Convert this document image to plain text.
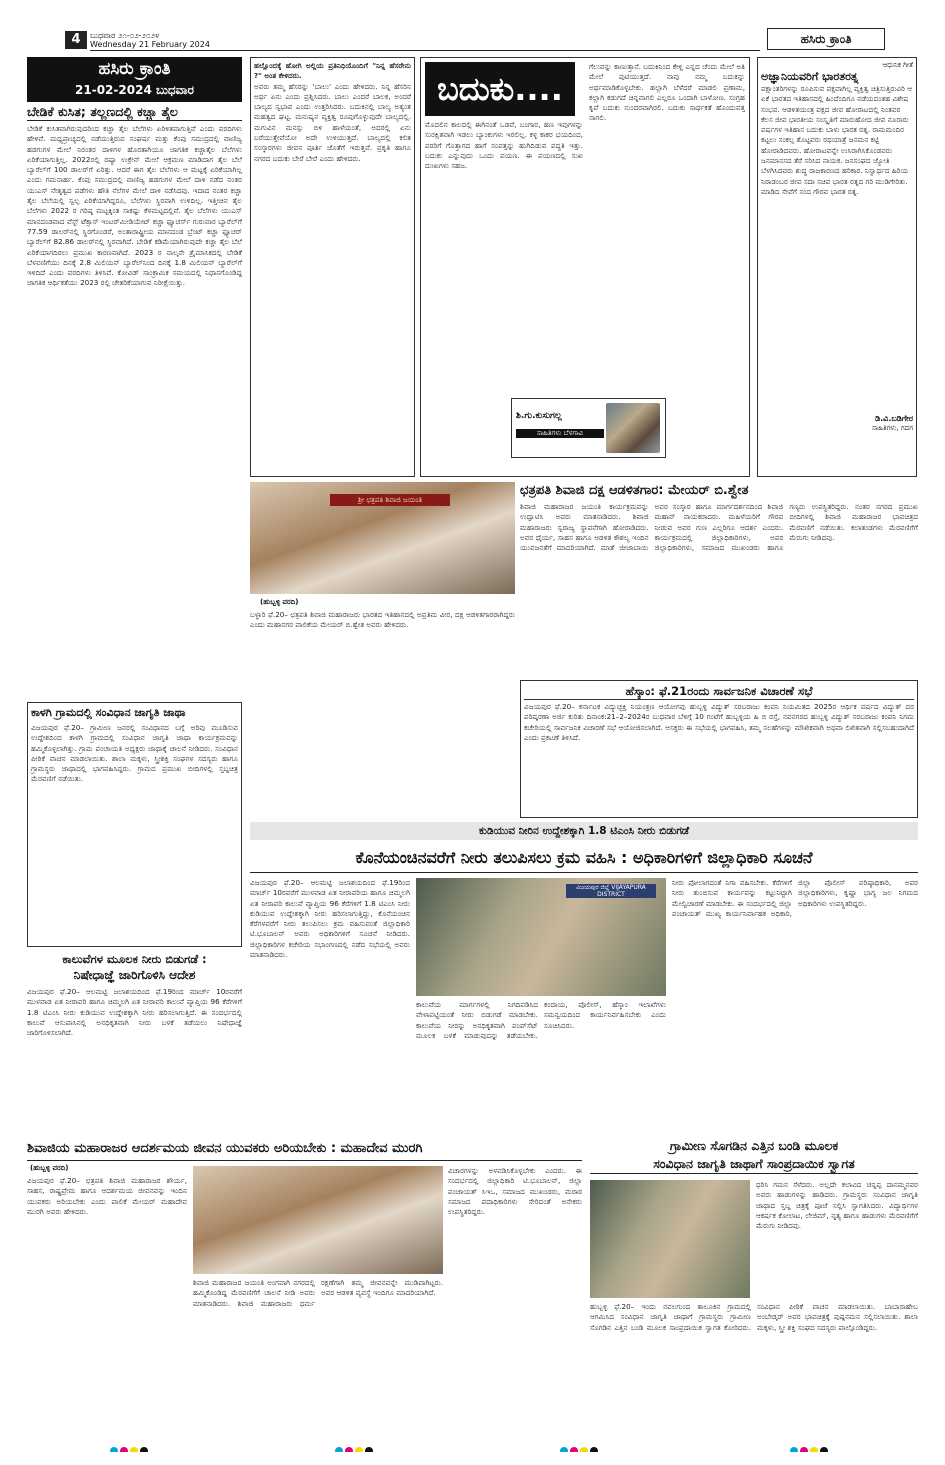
4	ಬುಧವಾರ ೨೧-೦೨-೨೦೨೪
Wednesday 21 February 2024	ಹಸಿರು ಕ್ರಾಂತಿ
ಹಸಿರು ಕ್ರಾಂತಿ
21-02-2024 ಬುಧವಾರ
ಬೇಡಿಕೆ ಕುಸಿತ; ತಲ್ಲಣದಲ್ಲಿ ಕಚ್ಚಾ ತೈಲ
ಬೇಡಿಕೆ ಕುಸಿತವಾಗಿರುವುದರಿಂದ ಕಚ್ಚಾ ತೈಲ ಬೆಲೆಗಳು ಏರಿಳಿತವಾಗುತ್ತಿವೆ ಎಂದು ವರದಿಗಳು ಹೇಳಿವೆ. ಮಧ್ಯಪ್ರಾಚ್ಯದಲ್ಲಿ ನಡೆಯುತ್ತಿರುವ ಸಂಘರ್ಷ ಮತ್ತು ಕೆಂಪು ಸಮುದ್ರದಲ್ಲಿ ವಾಣಿಜ್ಯ ಹಡಗುಗಳ ಮೇಲೆ ನಿರಂತರ ದಾಳಿಗಳ ಹೊರತಾಗಿಯೂ ಜಾಗತಿಕ ಕಚ್ಚಾತೈಲ ಬೆಲೆಗಳು ಏರಿಕೆಯಾಗುತ್ತಿಲ್ಲ. 2022ರಲ್ಲಿ ರಷ್ಯಾ ಉಕ್ರೇನ್ ಮೇಲೆ ಆಕ್ರಮಣ ಮಾಡಿದಾಗ ತೈಲ ಬೆಲೆ ಬ್ಯಾರೆಲ್‌ಗೆ 100 ಡಾಲರ್‌ಗೆ ಏರಿತ್ತು. ಆದರೆ ಈಗ ತೈಲ ಬೆಲೆಗಳು ಆ ಮಟ್ಟಕ್ಕೆ ಏರಿಕೆಯಾಗಿಲ್ಲ ಎಂದು ಗಮನಾರ್ಹ. ಕೆಂಪು ಸಮುದ್ರದಲ್ಲಿ ವಾಣಿಜ್ಯ ಹಡಗುಗಳ ಮೇಲೆ ದಾಳಿ ನಡೆದ ನಂತರ ಯುಎಸ್ ನೇತೃತ್ವದ ಪಡೆಗಳು ಹೌತಿ ನೆಲೆಗಳ ಮೇಲೆ ದಾಳಿ ನಡೆಸಿದವು. ಇದಾದ ನಂತರ ಕಚ್ಚಾ ತೈಲ ಬೆಲೆಯಲ್ಲಿ ಸ್ವಲ್ಪ ಏರಿಕೆಯಾಗಿದ್ದರೂ, ಬೆಲೆಗಳು ಸ್ಥಿರವಾಗಿ ಉಳಿದಿಲ್ಲ. ಇತ್ತೀಚಿನ ತೈಲ ಬೆಲೆಗಳು 2022 ರ ಗರಿಷ್ಠ ಮಟ್ಟಕ್ಕಿಂತ ಸಾಕಷ್ಟು ಕೆಳಮಟ್ಟದಲ್ಲಿವೆ. ತೈಲ ಬೆಲೆಗಳು ಯುಎಸ್ ಮಾನದಂಡವಾದ ವೆಸ್ಟ್ ಟೆಕ್ಸಾಸ್ ಇಂಟರ್‌ಮೀಡಿಯೇಟ್ ಕಚ್ಚಾ ಫ್ಯೂಚರ್ಸ್ ಗುರುವಾರ ಬ್ಯಾರೆಲ್‌ಗೆ 77.59 ಡಾಲರ್‌ನಲ್ಲಿ ಸ್ಥಿರಗೊಂಡರೆ, ಅಂತಾರಾಷ್ಟ್ರೀಯ ಮಾನದಂಡ ಬ್ರೆಂಟ್ ಕಚ್ಚಾ ಫ್ಯೂಚರ್ ಬ್ಯಾರೆಲ್‌ಗೆ 82.86 ಡಾಲರ್‌ನಲ್ಲಿ ಸ್ಥಿರವಾಗಿದೆ. ಬೇಡಿಕೆ ಕಡಿಮೆಯಾಗಿರುವುದೇ ಕಚ್ಚಾ ತೈಲ ಬೆಲೆ ಏರಿಕೆಯಾಗದಿರಲು ಪ್ರಮುಖ ಕಾರಣವಾಗಿದೆ. 2023 ರ ನಾಲ್ಕನೇ ತ್ರೈಮಾಸಿಕದಲ್ಲಿ ಬೇಡಿಕೆ ಬೆಳವಣಿಗೆಯು ದಿನಕ್ಕೆ 2.8 ಮಿಲಿಯನ್ ಬ್ಯಾರೆಲ್‌ನಿಂದ ದಿನಕ್ಕೆ 1.8 ಮಿಲಿಯನ್ ಬ್ಯಾರೆಲ್‌ಗೆ ಇಳಿದಿದೆ ಎಂದು ವರದಿಗಳು ತಿಳಿಸಿವೆ. ಕೋವಿಡ್ ಸಾಂಕ್ರಾಮಿಕ ಸಮಯದಲ್ಲಿ ನಿಧಾನಗೊಂಡಿದ್ದ ಜಾಗತಿಕ ಆರ್ಥಿಕತೆಯು 2023 ರಲ್ಲಿ ಚೇತರಿಕೆಯಾಗುವ ನಿರೀಕ್ಷೆಯಿತ್ತು.
ಕಾಳಗಿ ಗ್ರಾಮದಲ್ಲಿ ಸಂವಿಧಾನ ಜಾಗೃತಿ ಜಾಥಾ
ವಿಜಯಪುರ ಫೆ.20– ಗ್ರಾಮೀಣ ಜನರಲ್ಲಿ ಸಂವಿಧಾನದ ಬಗ್ಗೆ ಅರಿವು ಮೂಡಿಸುವ ಉದ್ದೇಶದಿಂದ ಕಾಳಗಿ ಗ್ರಾಮದಲ್ಲಿ ಸಂವಿಧಾನ ಜಾಗೃತಿ ಜಾಥಾ ಕಾರ್ಯಕ್ರಮವನ್ನು ಹಮ್ಮಿಕೊಳ್ಳಲಾಗಿತ್ತು. ಗ್ರಾಮ ಪಂಚಾಯತಿ ಅಧ್ಯಕ್ಷರು ಜಾಥಾಕ್ಕೆ ಚಾಲನೆ ನೀಡಿದರು. ಸಂವಿಧಾನ ಪೀಠಿಕೆ ವಾಚನ ಮಾಡಲಾಯಿತು. ಶಾಲಾ ಮಕ್ಕಳು, ಸ್ತ್ರೀಶಕ್ತಿ ಸಂಘಗಳ ಸದಸ್ಯರು ಹಾಗೂ ಗ್ರಾಮಸ್ಥರು ಜಾಥಾದಲ್ಲಿ ಭಾಗವಹಿಸಿದ್ದರು. ಗ್ರಾಮದ ಪ್ರಮುಖ ಬೀದಿಗಳಲ್ಲಿ ಸ್ತಬ್ದಚಿತ್ರ ಮೆರವಣಿಗೆ ನಡೆಯಿತು.
ಕಾಲುವೆಗಳ ಮೂಲಕ ನೀರು ಬಿಡುಗಡೆ :
ನಿಷೇಧಾಜ್ಞೆ ಜಾರಿಗೊಳಿಸಿ ಆದೇಶ
ವಿಜಯಪುರ ಫೆ.20– ಆಲಮಟ್ಟಿ ಜಲಾಶಯದಿಂದ ಫೆ.19ರಿಂದ ಮಾರ್ಚ್ 10ರವರೆಗೆ ಮುಳವಾಡ ಏತ ನೀರಾವರಿ ಹಾಗೂ ಚಿಮ್ಮಲಗಿ ಏತ ನೀರಾವರಿ ಕಾಲುವೆ ವ್ಯಾಪ್ತಿಯ 96 ಕೆರೆಗಳಿಗೆ 1.8 ಟಿಎಂಸಿ ನೀರು ಕುಡಿಯುವ ಉದ್ದೇಶಕ್ಕಾಗಿ ನೀರು ಹರಿಸಲಾಗುತ್ತಿದೆ. ಈ ಸಂದರ್ಭದಲ್ಲಿ ಕಾಲುವೆ ಆಸುಪಾಸಿನಲ್ಲಿ ಅನಧಿಕೃತವಾಗಿ ನೀರು ಬಳಕೆ ತಡೆಯಲು ನಿಷೇಧಾಜ್ಞೆ ಜಾರಿಗೊಳಿಸಲಾಗಿದೆ.
ಹಲ್ಲೊಂದಕ್ಕೆ ಹೋಗಿ ಅಲ್ಲಿಯ ಪ್ರತಿನಿಧಿಯೊಂದಿಗೆ "ನಿನ್ನ ಹೆಸರೇನು ?" ಅಂತ ಕೇಳಿದರು.
ಅವರು ತಮ್ಮ ಹೆಸರನ್ನು 'ಬಾಲು' ಎಂದು ಹೇಳಿದರು. ನಿನ್ನ ಹೆಸರಿನ ಅರ್ಥ ಏನು ಎಂದು ಪ್ರಶ್ನಿಸಿದರು. ಬಾಲು ಎಂದರೆ ಬಾಲಕ, ಅಂದರೆ ಬಾಲ್ಯದ ಸ್ವಭಾವ ಎಂದು ಉತ್ತರಿಸಿದರು. ಬದುಕಿನಲ್ಲಿ ಬಾಲ್ಯ ಅತ್ಯಂತ ಮಹತ್ವದ ಘಟ್ಟ. ಮನುಷ್ಯನ ವ್ಯಕ್ತಿತ್ವ ರೂಪುಗೊಳ್ಳುವುದೇ ಬಾಲ್ಯದಲ್ಲಿ. ಮಗುವಿನ ಮನಸ್ಸು ಬಿಳಿ ಹಾಳೆಯಂತೆ, ಅದರಲ್ಲಿ ಏನು ಬರೆಯುತ್ತೇವೆಯೋ ಅದೇ ಉಳಿಯುತ್ತದೆ. ಬಾಲ್ಯದಲ್ಲಿ ಕಲಿತ ಸಂಸ್ಕಾರಗಳು ಜೀವನ ಪೂರ್ತಿ ಜೊತೆಗೆ ಇರುತ್ತವೆ. ಪ್ರಕೃತಿ ಹಾಗೂ ನಗರದ ಬದುಕು ಬೇರೆ ಬೇರೆ ಎಂದು ಹೇಳಿದರು.
ಬದುಕು....
ಮೊದಲಿನ ಕಾಲದಲ್ಲಿ ಈಗಿನಂತೆ ಒಡವೆ, ಬಂಗಾರ, ಹಣ ಇವುಗಳನ್ನು ಸುರಕ್ಷಿತವಾಗಿ ಇಡಲು ಬ್ಯಾಂಕುಗಳು ಇರಲಿಲ್ಲ. ಕಳ್ಳ ಕಾಕರ ಭಯದಿಂದ, ಪರರಿಗೆ ಗೊತ್ತಾಗದ ಹಾಗೆ ಸಂಪತ್ತನ್ನು ಹುಗಿದಿಡುವ ಪದ್ಧತಿ ಇತ್ತು. ಬದುಕು ಎನ್ನುವುದು ಒಂದು ಪಯಣ. ಈ ಪಯಣದಲ್ಲಿ ಸುಖ ದುಃಖಗಳು ಸಹಜ.
ಗೆಲುವನ್ನು ಕಾಣುತ್ತಾನೆ. ಬದುಕಿನಿಂದ ಕೇಳ್ಲಿ ಎನ್ನದ ಚೆಂದು ಮೇಲೆ ಅತಿ ಮೇಲೆ ಪುಟಿಯುತ್ತದೆ. ನಾವು ನಮ್ಮ ಬದುಕನ್ನು ಅರ್ಥಮಾಡಿಕೊಳ್ಳಬೇಕು. ಹಲ್ಲಾಗಿ ಬೆಳೆದರೆ ಮಾಡಲಿ ಪ್ರಣಾಮ, ಕಲ್ಲಾಗಿ ಕಡುಗದೆ ಚಿನ್ನವಾಗಲಿ ಎಲ್ಲರೂ ಒಂದಾಗಿ ಬಾಳೋಣ. ಸಂಗ್ರಹ ಕೃಪೆ ಬದುಕು ಸುಂದರವಾಗಿರಲಿ. ಬದುಕು ಸಾರ್ಥಕತೆ ಹೊಂದುವತ್ತ ಸಾಗಲಿ.
ಶಿ.ಗು.ಕುಸುಗಲ್ಲ
ಸಾಹಿತಿಗಳು ಬೆಳಗಾವಿ
ಆಧುನಿಕ ಗೀತೆ
ಅಜ್ಞಾನಿಯವರಿಗೆ ಭಾರತರತ್ನ
ಪಕ್ಷಾಂತರಿಗಳನ್ನು ರೂಪಿಸುವ ಪಕ್ಷವಾಗಿಲ್ಲ ವ್ಯಕ್ತಿತ್ವ ಚಿತ್ರಿಸುತ್ತಿರುವಿರಿ ಆ ಏಕೆ ಭಾರತದ ಇತಿಹಾಸದಲ್ಲಿ ಹಿಂದೆಂದಿಗೂ ನಡೆಯದಂತಹ ವಿಶೇಷ ಸಂಭವ. ಆಡಳಿತಯಂತ್ರ ಪಕ್ಷದ ಜೀವ ಹೋರಾಟದಲ್ಲಿ ನಿಂತವರ ಕೆಲಸ ಜೀವ ಭಾರತೀಯ ಸಂಸ್ಕೃತಿಗೆ ಮಾರುಹೋದ ಜೀವ ನೂರಾರು ವರ್ಷಗಳ ಇತಿಹಾಸ ಬದುಕು ಬಾಳು ಭಾರತ ರತ್ನ. ರಾಮಮಂದಿರ ಕಟ್ಟಲು ಸಂಕಲ್ಪ ತೊಟ್ಟವರು ರಥಯಾತ್ರೆ ಜನಮನ ಕಟ್ಟಿ ಹೋರಾಡಿದವರು. ಹೋರಾಟವನ್ನೇ ಉಸಿರಾಗಿಸಿಕೊಂಡವರು ಜನಮಾನಸದ ತೆರೆ ಸರಿಸಿದ ನಾಯಕ. ಜನಸಂಘದ ಜ್ಯೋತಿ ಬೆಳಗಿಸಿದವರು ಶುದ್ಧ ರಾಜಕಾರಣದ ಹರಿಕಾರ. ನಿಸ್ವಾರ್ಥದ ಹಿರಿಯ ನಿರಾಡಂಬರ ಜೀವ ಸದಾ ಸಚಿವ ಭಾರತ ರತ್ನದ ಗರಿ ಮುಡಿಗೇರಿತು. ಮಾಡಿದ ಸೇವೆಗೆ ಸಂದ ಗೌರವ ಭಾರತ ರತ್ನ.
ಡಿ.ವಿ.ಬಡಿಗೇರ
ಸಾಹಿತಿಗಳು, ಗದಗ
ಛತ್ರಪತಿ ಶಿವಾಜಿ ದಕ್ಷ ಆಡಳಿತಗಾರ: ಮೇಯರ್ ಬಿ.ಶ್ವೇತ
ಶ್ರೀ ಛತ್ರಪತಿ ಶಿವಾಜಿ ಜಯಂತಿ
(ಹುಬ್ಬಳ್ಳಿ ವರದಿ)
ಬಳ್ಳಾರಿ ಫೆ.20– ಛತ್ರಪತಿ ಶಿವಾಜಿ ಮಹಾರಾಜರು ಭಾರತದ ಇತಿಹಾಸದಲ್ಲಿ ಅಪ್ರತಿಮ ವೀರ, ದಕ್ಷ ಆಡಳಿತಗಾರರಾಗಿದ್ದರು ಎಂದು ಮಹಾನಗರ ಪಾಲಿಕೆಯ ಮೇಯರ್ ಬಿ.ಶ್ವೇತ ಅವರು ಹೇಳಿದರು.
ಶಿವಾಜಿ ಮಹಾರಾಜರ ಜಯಂತಿ ಕಾರ್ಯಕ್ರಮವನ್ನು ಉದ್ಘಾಟಿಸಿ ಅವರು ಮಾತನಾಡಿದರು. ಶಿವಾಜಿ ಮಹಾರಾಜರು ಸ್ವರಾಜ್ಯ ಸ್ಥಾಪನೆಗಾಗಿ ಹೋರಾಡಿದರು. ಅವರ ಧೈರ್ಯ, ಸಾಹಸ ಹಾಗೂ ಆಡಳಿತ ಕೌಶಲ್ಯ ಇಂದಿನ ಯುವಜನತೆಗೆ ಮಾದರಿಯಾಗಿದೆ. ಮಾತೆ ಜೀಜಾಬಾಯಿ ಅವರ ಸಂಸ್ಕಾರ ಹಾಗೂ ಮಾರ್ಗದರ್ಶನದಿಂದ ಶಿವಾಜಿ ಮಹಾನ್ ನಾಯಕರಾದರು. ಮಹಿಳೆಯರಿಗೆ ಗೌರವ ನೀಡುವ ಅವರ ಗುಣ ಎಲ್ಲರಿಗೂ ಆದರ್ಶ ಎಂದರು. ಕಾರ್ಯಕ್ರಮದಲ್ಲಿ ಜಿಲ್ಲಾಧಿಕಾರಿಗಳು, ಅಪರ ಜಿಲ್ಲಾಧಿಕಾರಿಗಳು, ಸಮಾಜದ ಮುಖಂಡರು ಹಾಗೂ ಗಣ್ಯರು ಉಪಸ್ಥಿತರಿದ್ದರು. ನಂತರ ನಗರದ ಪ್ರಮುಖ ಬೀದಿಗಳಲ್ಲಿ ಶಿವಾಜಿ ಮಹಾರಾಜರ ಭಾವಚಿತ್ರದ ಮೆರವಣಿಗೆ ನಡೆಯಿತು. ಕಲಾತಂಡಗಳು ಮೆರವಣಿಗೆಗೆ ಮೆರುಗು ನೀಡಿದವು.
ಹೆಸ್ಕಾಂ: ಫೆ.21ರಂದು ಸಾರ್ವಜನಿಕ ವಿಚಾರಣೆ ಸಭೆ
ವಿಜಯಪುರ ಫೆ.20– ಕರ್ನಾಟಕ ವಿದ್ಯುಚ್ಛಕ್ತಿ ನಿಯಂತ್ರಣ ಆಯೋಗವು ಹುಬ್ಬಳ್ಳಿ ವಿದ್ಯುತ್ ಸರಬರಾಜು ಕಂಪನಿ ನಿಯಮಿತದ 2025ರ ಆರ್ಥಿಕ ವರ್ಷದ ವಿದ್ಯುತ್ ದರ ಪರಿಷ್ಕರಣಾ ಅರ್ಜಿ ಕುರಿತು ದಿನಾಂಕ:21–2–2024ರ ಬುಧವಾರ ಬೆಳಿಗ್ಗೆ 10 ಗಂಟೆಗೆ ಹುಬ್ಬಳ್ಳಿಯ ಹಿ ಬಿ ರಸ್ತೆ, ನವನಗರದ ಹುಬ್ಬಳ್ಳಿ ವಿದ್ಯುತ್ ಸರಬರಾಜು ಕಂಪನಿ ನಿಗಮ ಕಚೇರಿಯಲ್ಲಿ ಸಾರ್ವಜನಿಕ ವಿಚಾರಣೆ ಸಭೆ ಆಯೋಜಿಸಲಾಗಿದೆ. ಆಸಕ್ತರು ಈ ಸಭೆಯಲ್ಲಿ ಭಾಗವಹಿಸಿ, ತಮ್ಮ ಸಲಹೆಗಳನ್ನು ಮೌಖಿಕವಾಗಿ ಅಥವಾ ಲಿಖಿತವಾಗಿ ಸಲ್ಲಿಸಬಹುದಾಗಿದೆ ಎಂದು ಪ್ರಕಟಣೆ ತಿಳಿಸಿದೆ.
ಕುಡಿಯುವ ನೀರಿನ ಉದ್ದೇಶಕ್ಕಾಗಿ 1.8 ಟಿಎಂಸಿ ನೀರು ಬಿಡುಗಡೆ
ಕೊನೆಯಂಚಿನವರೆಗೆ ನೀರು ತಲುಪಿಸಲು ಕ್ರಮ ವಹಿಸಿ : ಅಧಿಕಾರಿಗಳಿಗೆ ಜಿಲ್ಲಾಧಿಕಾರಿ ಸೂಚನೆ
ವಿಜಯಪುರ ಫೆ.20– ಆಲಮಟ್ಟಿ ಜಲಾಶಯದಿಂದ ಫೆ.19ರಿಂದ ಮಾರ್ಚ್ 10ರವರೆಗೆ ಮುಳವಾಡ ಏತ ನೀರಾವರಿಯ ಹಾಗೂ ಚಿಮ್ಮಲಗಿ ಏತ ನೀರಾವರಿ ಕಾಲುವೆ ವ್ಯಾಪ್ತಿಯ 96 ಕೆರೆಗಳಿಗೆ 1.8 ಟಿಎಂಸಿ ನೀರು ಕುಡಿಯುವ ಉದ್ದೇಶಕ್ಕಾಗಿ ನೀರು ಹರಿಸಲಾಗುತ್ತಿದ್ದು, ಕೊನೆಯಂಚಿನ ಕೆರೆಗಳವರೆಗೆ ನೀರು ತಲುಪಿಸಲು ಕ್ರಮ ವಹಿಸುವಂತೆ ಜಿಲ್ಲಾಧಿಕಾರಿ ಟಿ.ಭೂಬಾಲನ್ ಅವರು ಅಧಿಕಾರಿಗಳಿಗೆ ಸೂಚನೆ ನೀಡಿದರು. ಜಿಲ್ಲಾಧಿಕಾರಿಗಳ ಕಚೇರಿಯ ಸಭಾಂಗಣದಲ್ಲಿ ನಡೆದ ಸಭೆಯಲ್ಲಿ ಅವರು ಮಾತನಾಡಿದರು.
ವಿಜಯಪುರ ಜಿಲ್ಲೆ VIJAYAPURA DISTRICT
ಕಾಲುವೆಯ ಮಾರ್ಗಗಳಲ್ಲಿ ನಿಗದಿಪಡಿಸಿದ ವೇಳಾಪಟ್ಟಿಯಂತೆ ನೀರು ಬಿಡುಗಡೆ ಮಾಡಬೇಕು. ಕಾಲುವೆಯ ನೀರನ್ನು ಅನಧಿಕೃತವಾಗಿ ಪಂಪ್‌ಸೆಟ್ ಮೂಲಕ ಬಳಕೆ ಮಾಡುವುದನ್ನು ತಡೆಯಬೇಕು. ಕಂದಾಯ, ಪೊಲೀಸ್, ಹೆಸ್ಕಾಂ ಇಲಾಖೆಗಳು ಸಮನ್ವಯದಿಂದ ಕಾರ್ಯನಿರ್ವಹಿಸಬೇಕು ಎಂದು ಸೂಚಿಸಿದರು.
ನೀರು ಪೋಲಾಗದಂತೆ ನಿಗಾ ವಹಿಸಬೇಕು. ಕೆರೆಗಳಿಗೆ ನೀರು ತುಂಬಿಸುವ ಕಾರ್ಯವನ್ನು ಕಟ್ಟುನಿಟ್ಟಾಗಿ ಮೇಲ್ವಿಚಾರಣೆ ಮಾಡಬೇಕು. ಈ ಸಂದರ್ಭದಲ್ಲಿ ಜಿಲ್ಲಾ ಪಂಚಾಯತ್ ಮುಖ್ಯ ಕಾರ್ಯನಿರ್ವಾಹಕ ಅಧಿಕಾರಿ, ಜಿಲ್ಲಾ ಪೊಲೀಸ್ ವರಿಷ್ಠಾಧಿಕಾರಿ, ಅಪರ ಜಿಲ್ಲಾಧಿಕಾರಿಗಳು, ಕೃಷ್ಣಾ ಭಾಗ್ಯ ಜಲ ನಿಗಮದ ಅಧಿಕಾರಿಗಳು ಉಪಸ್ಥಿತರಿದ್ದರು.
ಶಿವಾಜಿಯ ಮಹಾರಾಜರ ಆದರ್ಶಮಯ ಜೀವನ ಯುವಕರು ಅರಿಯಬೇಕು : ಮಹಾದೇವ ಮುರಗಿ
(ಹುಬ್ಬಳ್ಳಿ ವರದಿ)
ವಿಜಯಪುರ ಫೆ.20– ಛತ್ರಪತಿ ಶಿವಾಜಿ ಮಹಾರಾಜರ ಶೌರ್ಯ, ಸಾಹಸ, ರಾಷ್ಟ್ರಪ್ರೇಮ ಹಾಗೂ ಆದರ್ಶಮಯ ಜೀವನವನ್ನು ಇಂದಿನ ಯುವಕರು ಅರಿಯಬೇಕು ಎಂದು ಪಾಲಿಕೆ ಮೇಯರ್ ಮಹಾದೇವ ಮುರಗಿ ಅವರು ಹೇಳಿದರು.
ಶಿವಾಜಿ ಮಹಾರಾಜರ ಜಯಂತಿ ಅಂಗವಾಗಿ ನಗರದಲ್ಲಿ ಹಮ್ಮಿಕೊಂಡಿದ್ದ ಮೆರವಣಿಗೆಗೆ ಚಾಲನೆ ನೀಡಿ ಅವರು ಮಾತನಾಡಿದರು. ಶಿವಾಜಿ ಮಹಾರಾಜರು ಧರ್ಮ ರಕ್ಷಣೆಗಾಗಿ ತಮ್ಮ ಜೀವನವನ್ನೇ ಮುಡಿಪಾಗಿಟ್ಟರು. ಅವರ ಆಡಳಿತ ವ್ಯವಸ್ಥೆ ಇಂದಿಗೂ ಮಾದರಿಯಾಗಿದೆ.
ವಿಚಾರಗಳನ್ನು ಅಳವಡಿಸಿಕೊಳ್ಳಬೇಕು ಎಂದರು. ಈ ಸಂದರ್ಭದಲ್ಲಿ ಜಿಲ್ಲಾಧಿಕಾರಿ ಟಿ.ಭೂಬಾಲನ್, ಜಿಲ್ಲಾ ಪಂಚಾಯತ್ ಸಿಇಒ, ಸಮಾಜದ ಮುಖಂಡರು, ಮರಾಠ ಸಮಾಜದ ಪದಾಧಿಕಾರಿಗಳು ಸೇರಿದಂತೆ ಅನೇಕರು ಉಪಸ್ಥಿತರಿದ್ದರು.
ಗ್ರಾಮೀಣ ಸೊಗಡಿನ ಎತ್ತಿನ ಬಂಡಿ ಮೂಲಕ
ಸಂವಿಧಾನ ಜಾಗೃತಿ ಜಾಥಾಗೆ ಸಾಂಪ್ರದಾಯಿಕ ಸ್ವಾಗತ
ಧರಿಸಿ ಗಮನ ಸೆಳೆದರು. ಅಲ್ಲದೇ ಕಲಾವಿದ ಚನ್ನಪ್ಪ ದಾನಮ್ಮನವರ ಅವರು ಹಾಡುಗಳನ್ನು ಹಾಡಿದರು. ಗ್ರಾಮಸ್ಥರು ಸಂವಿಧಾನ ಜಾಗೃತಿ ಜಾಥಾದ ಸ್ತಬ್ದ ಚಿತ್ರಕ್ಕೆ ಪೂಜೆ ಸಲ್ಲಿಸಿ ಸ್ವಾಗತಿಸಿದರು. ವಿದ್ಯಾರ್ಥಿಗಳ ಆಕರ್ಷಕ ಕೋಲಾಟ, ಲೇಜಿಮ್, ನೃತ್ಯ ಹಾಗೂ ಹಾಡುಗಳು ಮೆರವಣಿಗೆಗೆ ಮೆರುಗು ನೀಡಿದವು.
ಹುಬ್ಬಳ್ಳಿ ಫೆ.20– ಇಂದು ನವಲಗುಂದ ತಾಲೂಕಿನ ಗ್ರಾಮದಲ್ಲಿ ಆಗಮಿಸಿದ ಸಂವಿಧಾನ ಜಾಗೃತಿ ಜಾಥಾಗೆ ಗ್ರಾಮಸ್ಥರು ಗ್ರಾಮೀಣ ಸೊಗಡಿನ ಎತ್ತಿನ ಬಂಡಿ ಮೂಲಕ ಸಾಂಪ್ರದಾಯಿಕ ಸ್ವಾಗತ ಕೋರಿದರು. ಸಂವಿಧಾನ ಪೀಠಿಕೆ ವಾಚನ ಮಾಡಲಾಯಿತು. ಬಾಬಾಸಾಹೇಬ ಅಂಬೇಡ್ಕರ್ ಅವರ ಭಾವಚಿತ್ರಕ್ಕೆ ಪುಷ್ಪನಮನ ಸಲ್ಲಿಸಲಾಯಿತು. ಶಾಲಾ ಮಕ್ಕಳು, ಸ್ತ್ರೀ ಶಕ್ತಿ ಸಂಘದ ಸದಸ್ಯರು ಪಾಲ್ಗೊಂಡಿದ್ದರು.
